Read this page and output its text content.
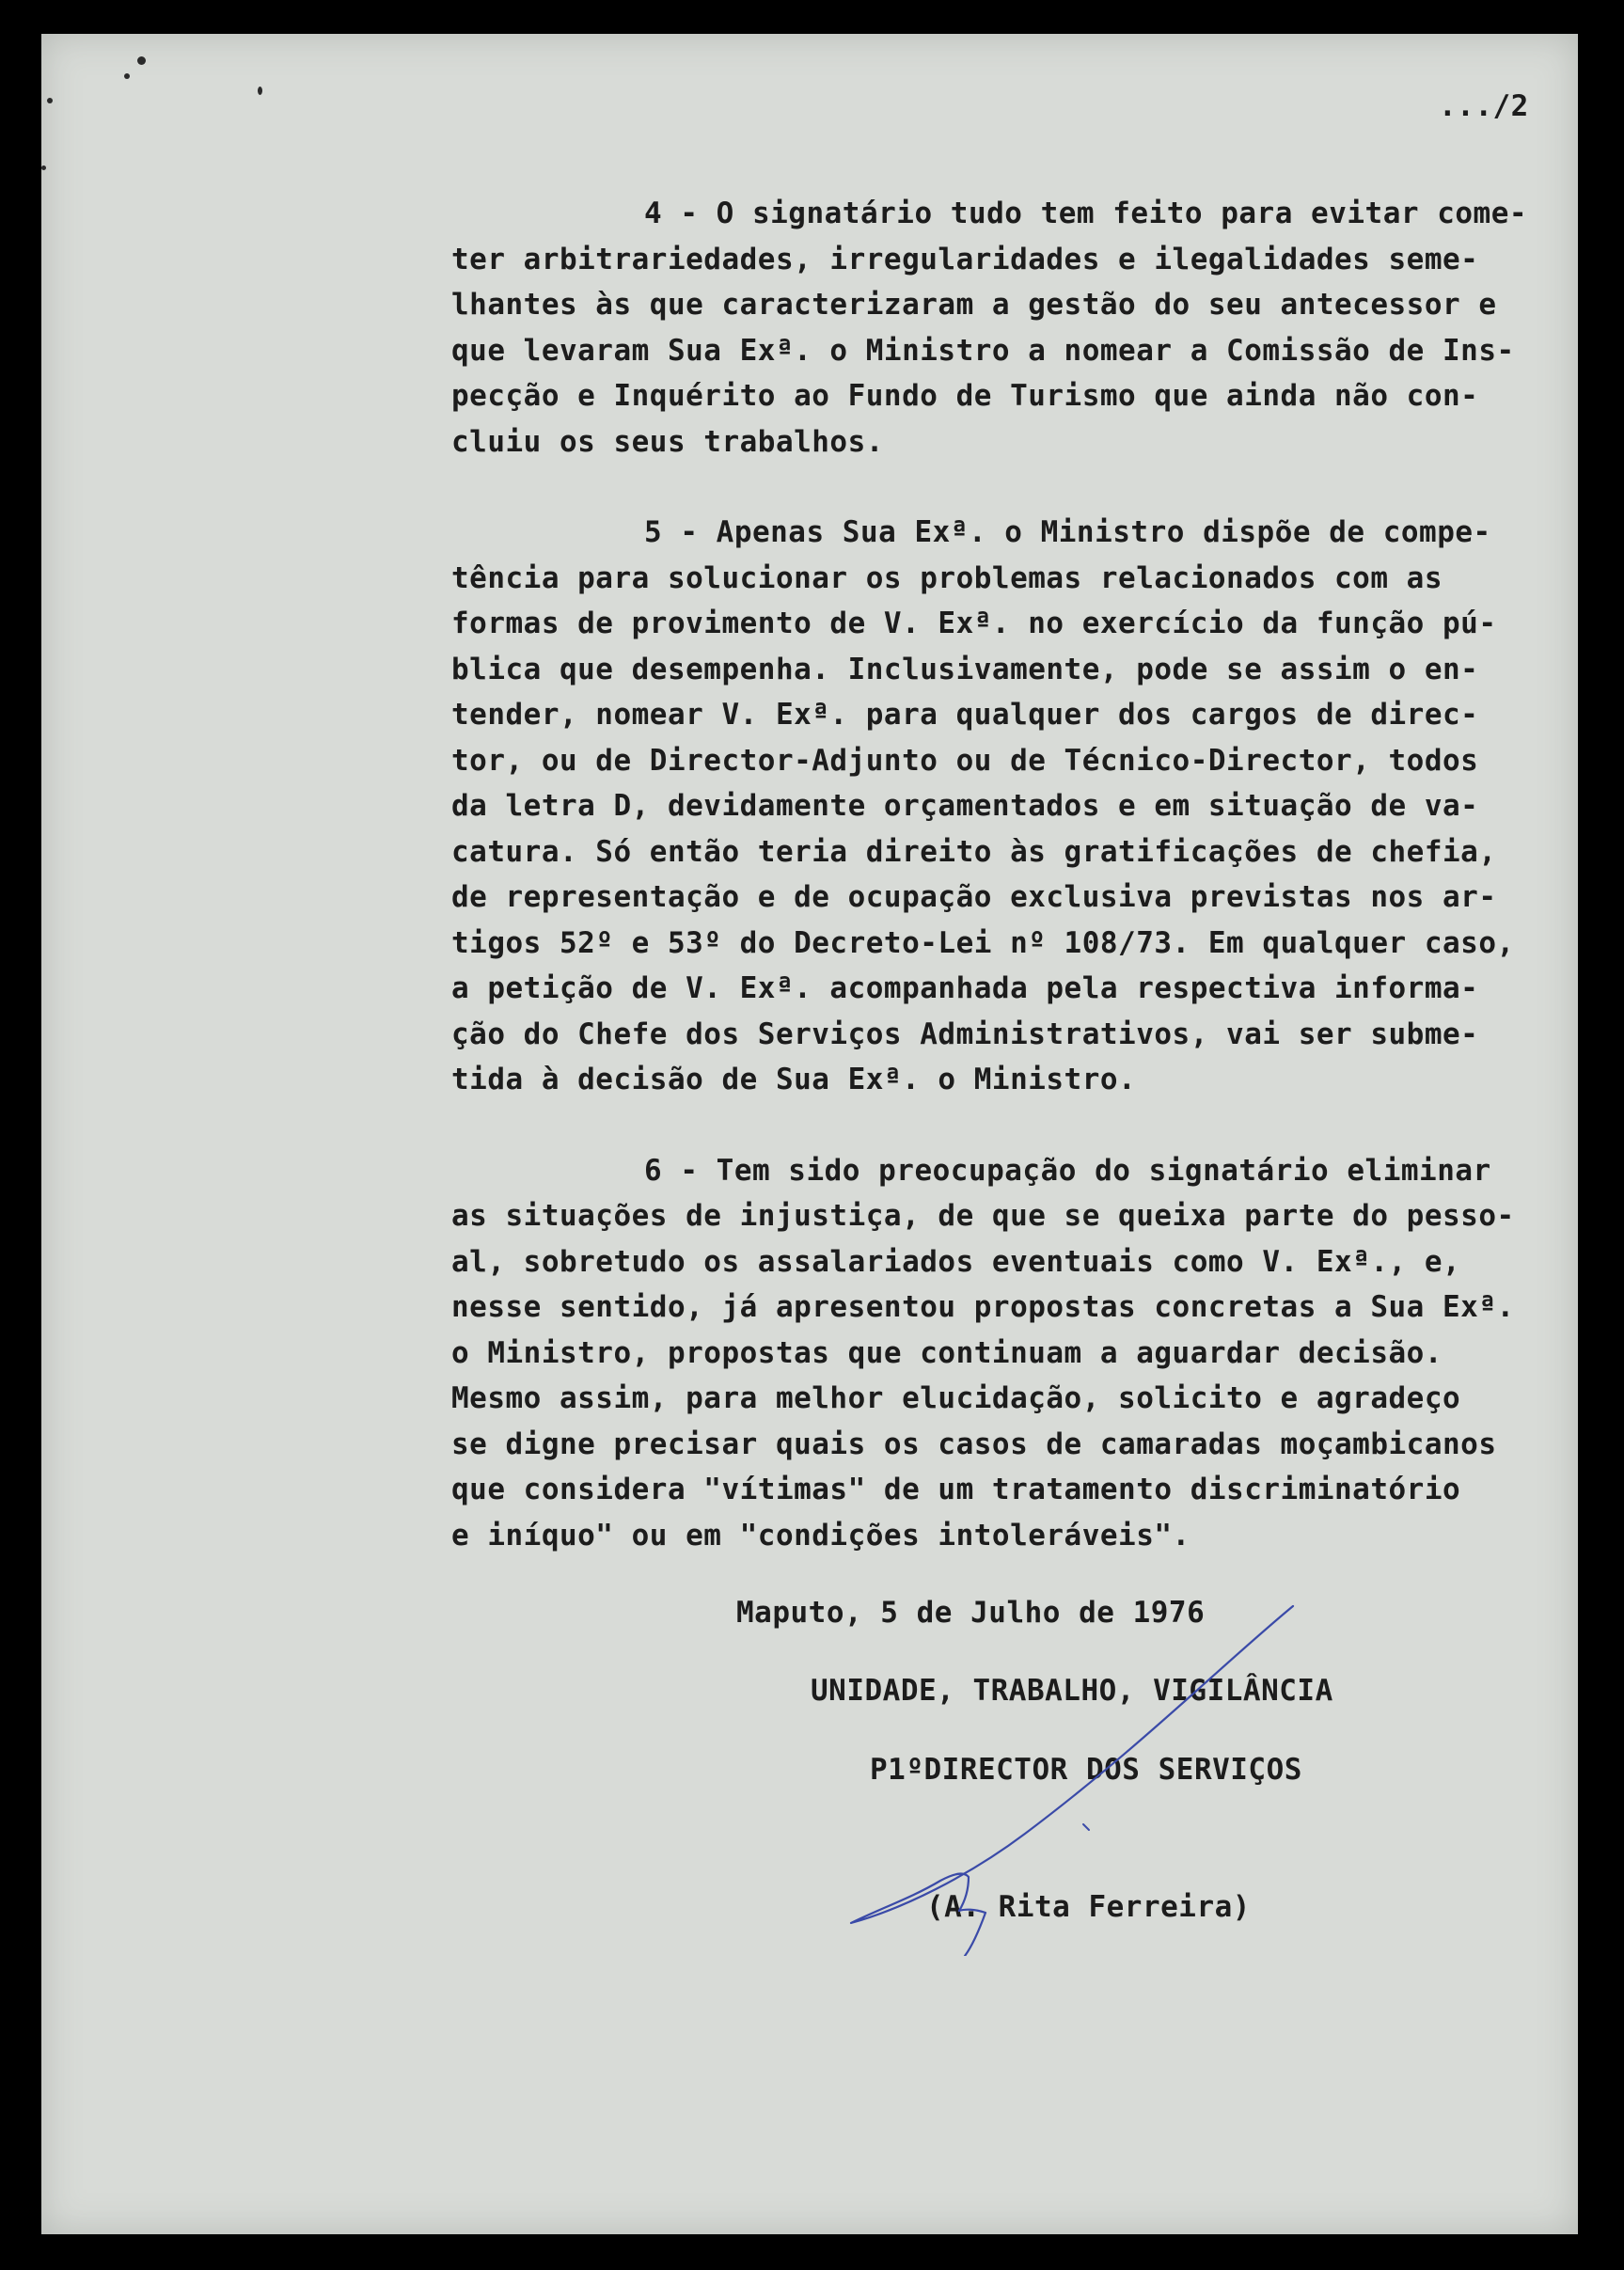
...​/2
4 - O signatário tudo tem feito para evitar come-
ter arbitrariedades, irregularidades e ilegalidades seme-
lhantes às que caracterizaram a gestão do seu antecessor e
que levaram Sua Exª. o Ministro a nomear a Comissão de Ins-
pecção e Inquérito ao Fundo de Turismo que ainda não con-
cluiu os seus trabalhos.
5 - Apenas Sua Exª. o Ministro dispõe de compe-
tência para solucionar os problemas relacionados com as
formas de provimento de V. Exª. no exercício da função pú-
blica que desempenha. Inclusivamente, pode se assim o en-
tender, nomear V. Exª. para qualquer dos cargos de direc-
tor, ou de Director-Adjunto ou de Técnico-Director, todos
da letra D, devidamente orçamentados e em situação de va-
catura. Só então teria direito às gratificações de chefia,
de representação e de ocupação exclusiva previstas nos ar-
tigos 52º e 53º do Decreto-Lei nº 108/73. Em qualquer caso,
a petição de V. Exª. acompanhada pela respectiva informa-
ção do Chefe dos Serviços Administrativos, vai ser subme-
tida à decisão de Sua Exª. o Ministro.
6 - Tem sido preocupação do signatário eliminar
as situações de injustiça, de que se queixa parte do pesso-
al, sobretudo os assalariados eventuais como V. Exª., e,
nesse sentido, já apresentou propostas concretas a Sua Exª.
o Ministro, propostas que continuam a aguardar decisão.
Mesmo assim, para melhor elucidação, solicito e agradeço
se digne precisar quais os casos de camaradas moçambicanos
que considera "vítimas" de um tratamento discriminatório
e iníquo" ou em "condições intoleráveis".
Maputo, 5 de Julho de 1976
UNIDADE, TRABALHO, VIGILÂNCIA
P1ºDIRECTOR DOS SERVIÇOS
(A. Rita Ferreira)
